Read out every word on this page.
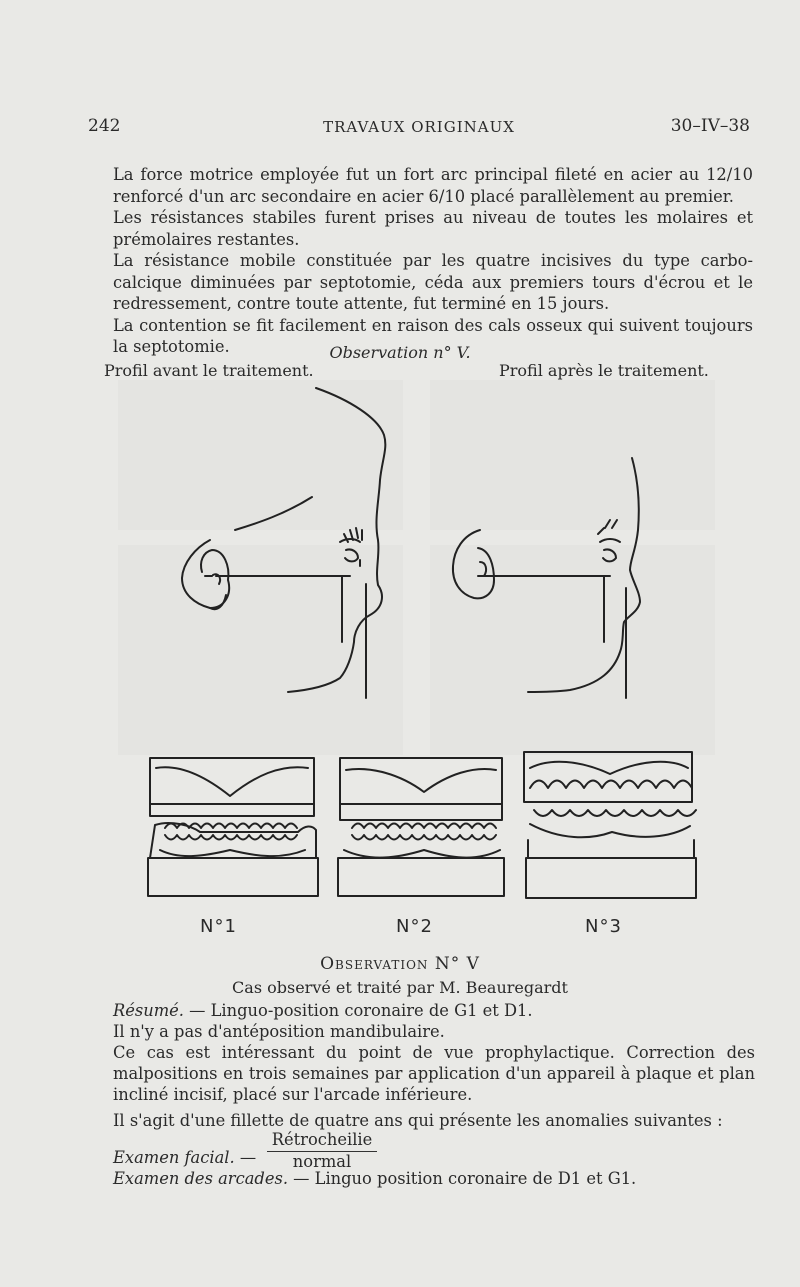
242	TRAVAUX ORIGINAUX	30–IV–38

La force motrice employée fut un fort arc principal fileté en acier au 12/10 renforcé d'un arc secondaire en acier 6/10 placé parallèlement au premier.

Les résistances stabiles furent prises au niveau de toutes les molaires et prémolaires restantes.

La résistance mobile constituée par les quatre incisives du type carbo-calcique diminuées par septotomie, céda aux premiers tours d'écrou et le redressement, contre toute attente, fut terminé en 15 jours.

La contention se fit facilement en raison des cals osseux qui suivent toujours la septotomie.	Observation n° V.
Profil avant le traitement.	Profil après le traitement.
N°1	N°2	N°3
Observation N° V
Cas observé et traité par M. Beauregardt

Résumé. — Linguo-position coronaire de G1 et D1.

Il n'y a pas d'antéposition mandibulaire.

Ce cas est intéressant du point de vue prophylactique. Correction des malpositions en trois semaines par application d'un appareil à plaque et plan incliné incisif, placé sur l'arcade inférieure.

Il s'agit d'une fillette de quatre ans qui présente les anomalies suivantes :

Examen facial. —
Rétrocheilie
normal

Examen des arcades. — Linguo position coronaire de D1 et G1.
